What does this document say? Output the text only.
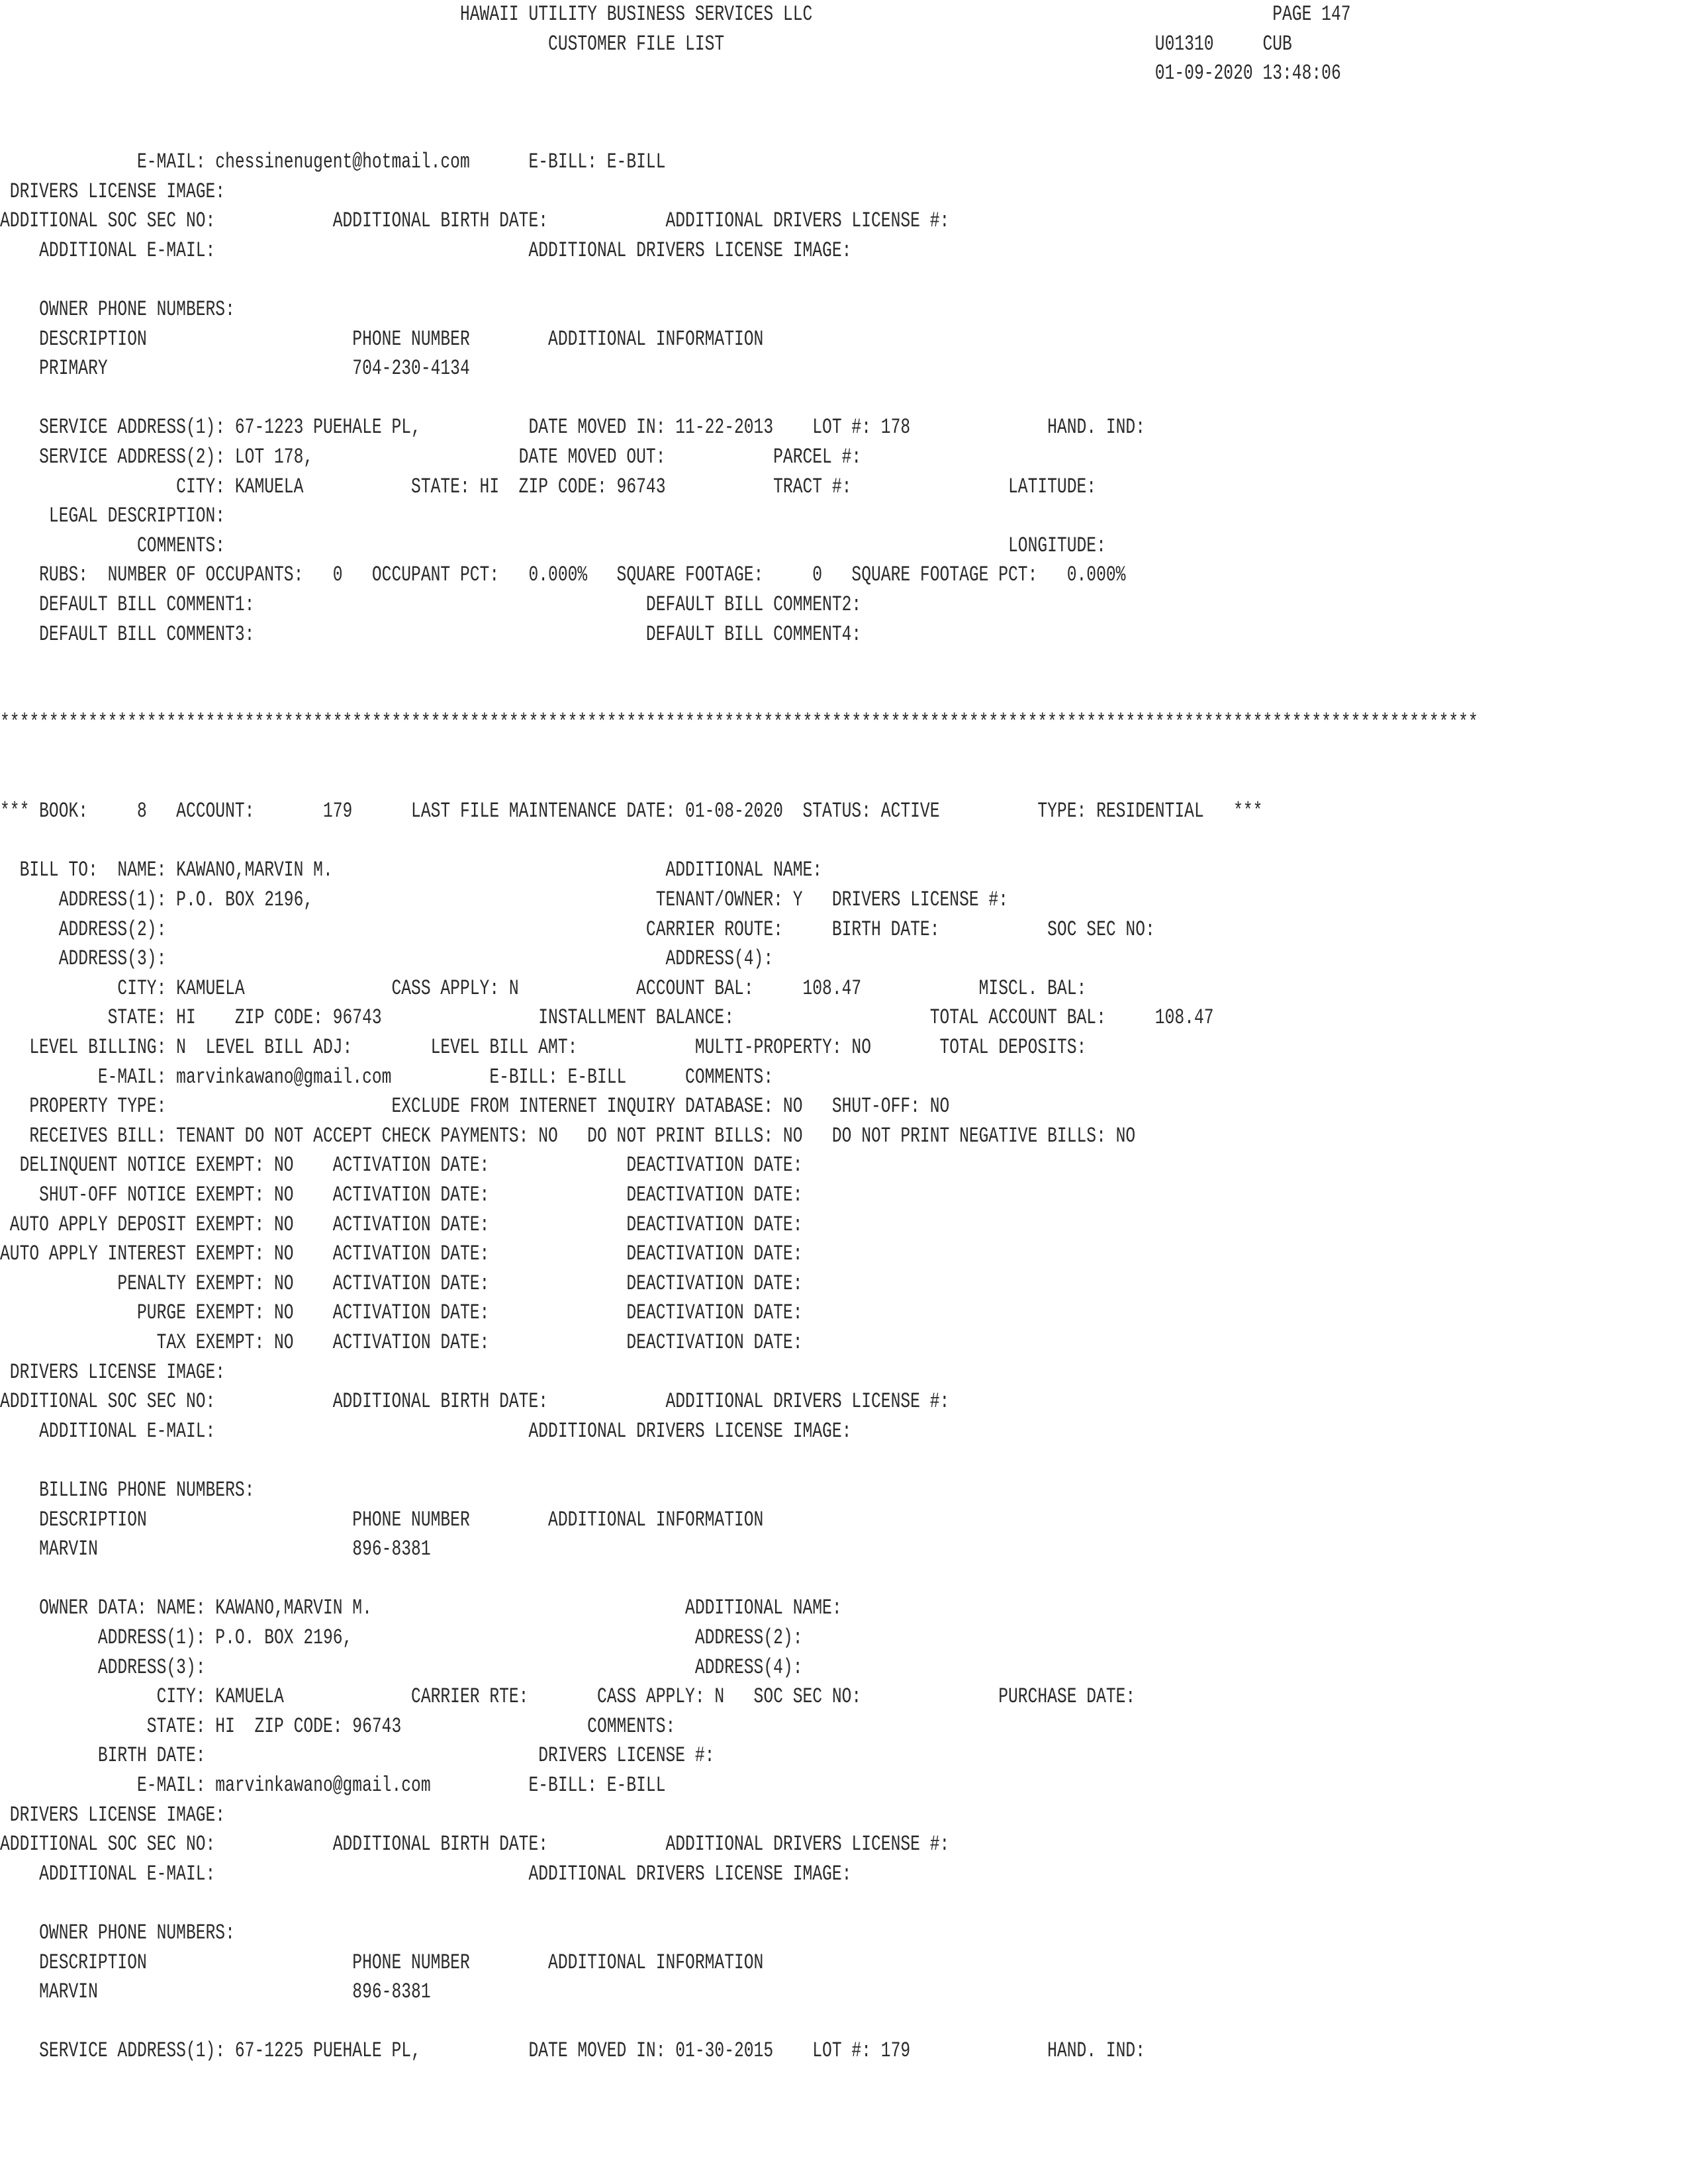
HAWAII UTILITY BUSINESS SERVICES LLC                                               PAGE 147
CUSTOMER FILE LIST                                            U01310     CUB
01-09-2020 13:48:06
E-MAIL: chessinenugent@hotmail.com      E-BILL: E-BILL
DRIVERS LICENSE IMAGE:
ADDITIONAL SOC SEC NO:            ADDITIONAL BIRTH DATE:            ADDITIONAL DRIVERS LICENSE #:
ADDITIONAL E-MAIL:                                ADDITIONAL DRIVERS LICENSE IMAGE:
OWNER PHONE NUMBERS:
DESCRIPTION                     PHONE NUMBER        ADDITIONAL INFORMATION
PRIMARY                         704-230-4134
SERVICE ADDRESS(1): 67-1223 PUEHALE PL,           DATE MOVED IN: 11-22-2013    LOT #: 178              HAND. IND:
SERVICE ADDRESS(2): LOT 178,                     DATE MOVED OUT:           PARCEL #:
CITY: KAMUELA           STATE: HI  ZIP CODE: 96743           TRACT #:                LATITUDE:
LEGAL DESCRIPTION:
COMMENTS:                                                                                LONGITUDE:
RUBS:  NUMBER OF OCCUPANTS:   0   OCCUPANT PCT:   0.000%   SQUARE FOOTAGE:     0   SQUARE FOOTAGE PCT:   0.000%
DEFAULT BILL COMMENT1:                                        DEFAULT BILL COMMENT2:
DEFAULT BILL COMMENT3:                                        DEFAULT BILL COMMENT4:
*******************************************************************************************************************************************************
*** BOOK:     8   ACCOUNT:       179      LAST FILE MAINTENANCE DATE: 01-08-2020  STATUS: ACTIVE          TYPE: RESIDENTIAL   ***
BILL TO:  NAME: KAWANO,MARVIN M.                                  ADDITIONAL NAME:
ADDRESS(1): P.O. BOX 2196,                                   TENANT/OWNER: Y   DRIVERS LICENSE #:
ADDRESS(2):                                                 CARRIER ROUTE:     BIRTH DATE:           SOC SEC NO:
ADDRESS(3):                                                   ADDRESS(4):
CITY: KAMUELA               CASS APPLY: N            ACCOUNT BAL:     108.47            MISCL. BAL:
STATE: HI    ZIP CODE: 96743                INSTALLMENT BALANCE:                    TOTAL ACCOUNT BAL:     108.47
LEVEL BILLING: N  LEVEL BILL ADJ:        LEVEL BILL AMT:            MULTI-PROPERTY: NO       TOTAL DEPOSITS:
E-MAIL: marvinkawano@gmail.com          E-BILL: E-BILL      COMMENTS:
PROPERTY TYPE:                       EXCLUDE FROM INTERNET INQUIRY DATABASE: NO   SHUT-OFF: NO
RECEIVES BILL: TENANT DO NOT ACCEPT CHECK PAYMENTS: NO   DO NOT PRINT BILLS: NO   DO NOT PRINT NEGATIVE BILLS: NO
DELINQUENT NOTICE EXEMPT: NO    ACTIVATION DATE:              DEACTIVATION DATE:
SHUT-OFF NOTICE EXEMPT: NO    ACTIVATION DATE:              DEACTIVATION DATE:
AUTO APPLY DEPOSIT EXEMPT: NO    ACTIVATION DATE:              DEACTIVATION DATE:
AUTO APPLY INTEREST EXEMPT: NO    ACTIVATION DATE:              DEACTIVATION DATE:
PENALTY EXEMPT: NO    ACTIVATION DATE:              DEACTIVATION DATE:
PURGE EXEMPT: NO    ACTIVATION DATE:              DEACTIVATION DATE:
TAX EXEMPT: NO    ACTIVATION DATE:              DEACTIVATION DATE:
DRIVERS LICENSE IMAGE:
ADDITIONAL SOC SEC NO:            ADDITIONAL BIRTH DATE:            ADDITIONAL DRIVERS LICENSE #:
ADDITIONAL E-MAIL:                                ADDITIONAL DRIVERS LICENSE IMAGE:
BILLING PHONE NUMBERS:
DESCRIPTION                     PHONE NUMBER        ADDITIONAL INFORMATION
MARVIN                          896-8381
OWNER DATA: NAME: KAWANO,MARVIN M.                                ADDITIONAL NAME:
ADDRESS(1): P.O. BOX 2196,                                   ADDRESS(2):
ADDRESS(3):                                                  ADDRESS(4):
CITY: KAMUELA             CARRIER RTE:       CASS APPLY: N   SOC SEC NO:              PURCHASE DATE:
STATE: HI  ZIP CODE: 96743                   COMMENTS:
BIRTH DATE:                                  DRIVERS LICENSE #:
E-MAIL: marvinkawano@gmail.com          E-BILL: E-BILL
DRIVERS LICENSE IMAGE:
ADDITIONAL SOC SEC NO:            ADDITIONAL BIRTH DATE:            ADDITIONAL DRIVERS LICENSE #:
ADDITIONAL E-MAIL:                                ADDITIONAL DRIVERS LICENSE IMAGE:
OWNER PHONE NUMBERS:
DESCRIPTION                     PHONE NUMBER        ADDITIONAL INFORMATION
MARVIN                          896-8381
SERVICE ADDRESS(1): 67-1225 PUEHALE PL,           DATE MOVED IN: 01-30-2015    LOT #: 179              HAND. IND:
